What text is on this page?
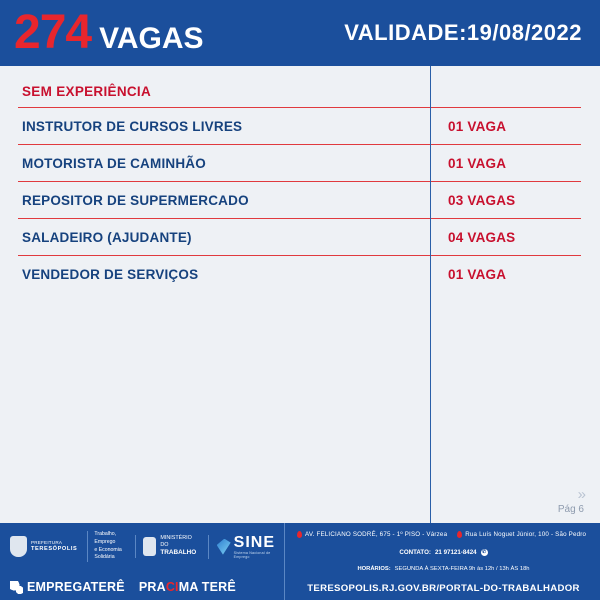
274 VAGAS	VALIDADE:19/08/2022
SEM EXPERIÊNCIA
INSTRUTOR DE CURSOS LIVRES	01 VAGA
MOTORISTA DE CAMINHÃO	01 VAGA
REPOSITOR DE SUPERMERCADO	03 VAGAS
SALADEIRO (AJUDANTE)	04 VAGAS
VENDEDOR DE SERVIÇOS	01 VAGA
»
Pág 6
PREFEITURA
TERESÓPOLIS
Trabalho, Emprego
e Economia
Solidária
MINISTÉRIO DO
TRABALHO
SINE
Sistema Nacional de Emprego
EMPREGATERÊ PRACIMA TERÊ
AV. FELICIANO SODRÉ, 675 - 1º PISO - Várzea	Rua Luís Noguet Júnior, 100 - São Pedro
CONTATO: 21 97121-8424 ✆
HORÁRIOS: SEGUNDA À SEXTA-FEIRA 9h às 12h / 13h ÀS 18h
TERESOPOLIS.RJ.GOV.BR/PORTAL-DO-TRABALHADOR
